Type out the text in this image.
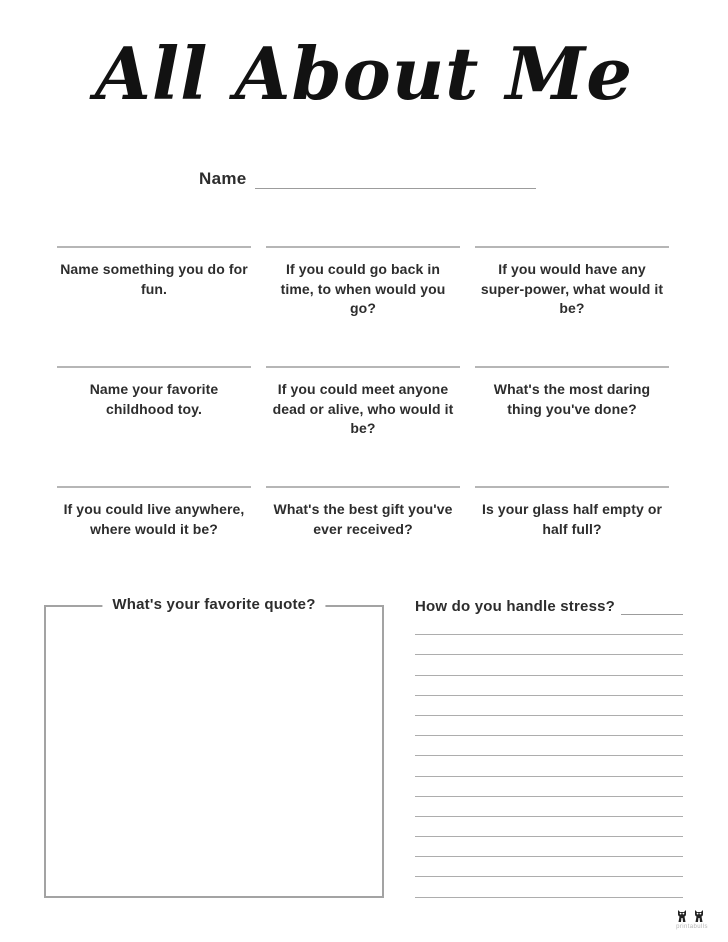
All About Me
Name
Name something you do for fun.
If you could go back in time, to when would you go?
If you would have any super-power, what would it be?
Name your favorite childhood toy.
If you could meet anyone dead or alive, who would it be?
What's the most daring thing you've done?
If you could live anywhere, where would it be?
What's the best gift you've ever received?
Is your glass half empty or half full?
What's your favorite quote?	How do you handle stress?
printabulls
